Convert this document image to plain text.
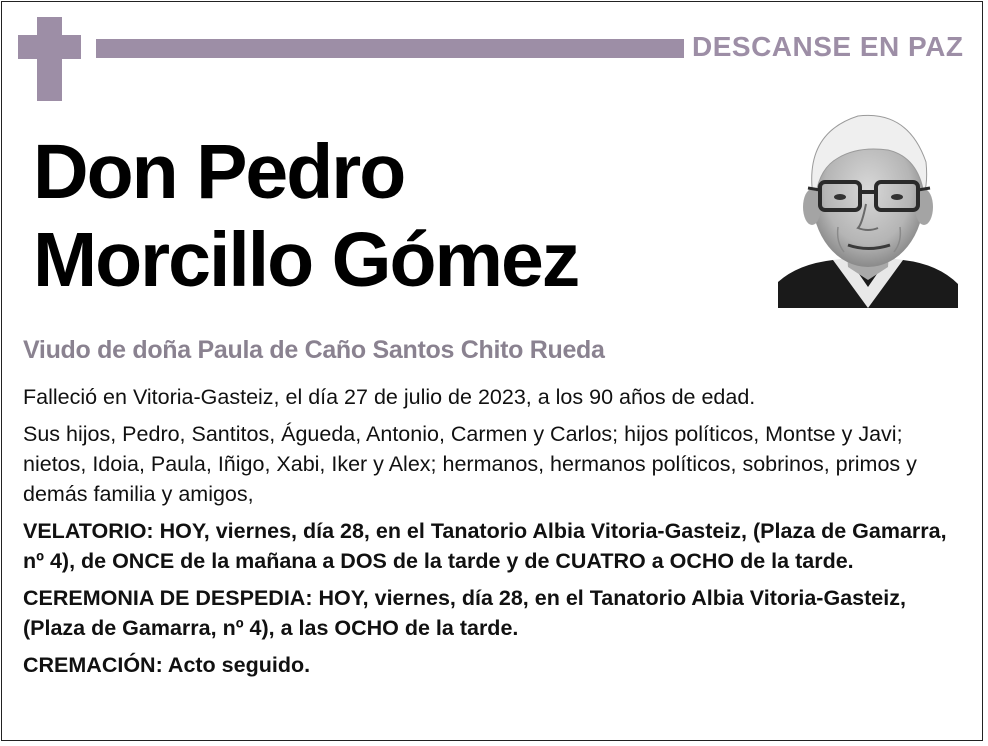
DESCANSE EN PAZ
Don Pedro
Morcillo Gómez
Viudo de doña Paula de Caño Santos Chito Rueda

Falleció en Vitoria-Gasteiz, el día 27 de julio de 2023, a los 90 años de edad.

Sus hijos, Pedro, Santitos, Águeda, Antonio, Carmen y Carlos; hijos políticos, Montse y Javi; nietos, Idoia, Paula, Iñigo, Xabi, Iker y Alex; hermanos, hermanos políticos, sobrinos, primos y demás familia y amigos,

VELATORIO: HOY, viernes, día 28, en el Tanatorio Albia Vitoria-Gasteiz, (Plaza de Gamarra, nº 4), de ONCE de la mañana a DOS de la tarde y de CUATRO a OCHO de la tarde.

CEREMONIA DE DESPEDIA: HOY, viernes, día 28, en el Tanatorio Albia Vitoria-Gasteiz, (Plaza de Gamarra, nº 4), a las OCHO de la tarde.

CREMACIÓN: Acto seguido.
